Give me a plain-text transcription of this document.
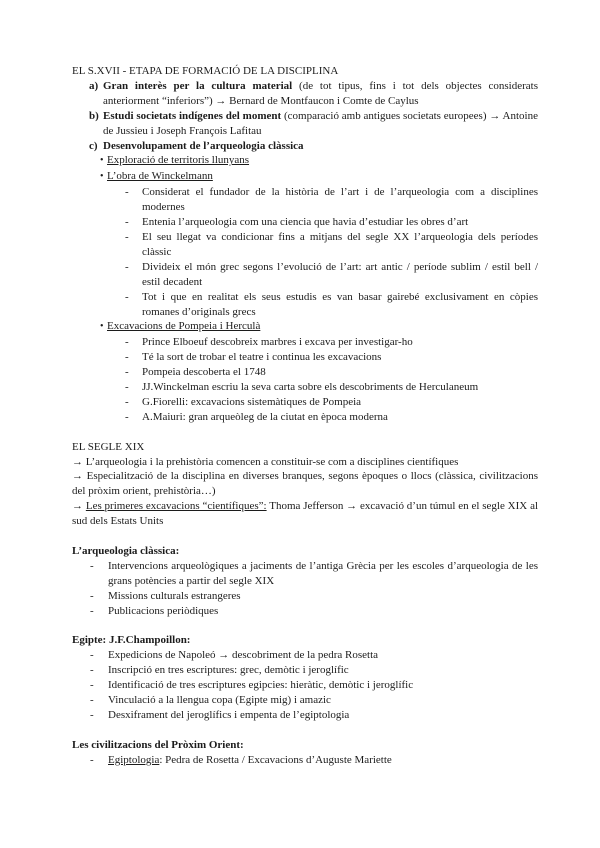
EL S.XVII - ETAPA DE FORMACIÓ DE LA DISCIPLINA
a) Gran interès per la cultura material (de tot tipus, fins i tot dels objectes considerats anteriorment “inferiors”) → Bernard de Montfaucon i Comte de Caylus
b) Estudi societats indígenes del moment (comparació amb antigues societats europees) → Antoine de Jussieu i Joseph François Lafitau
c) Desenvolupament de l’arqueologia clàssica
• Exploració de territoris llunyans
• L’obra de Winckelmann
-	Considerat el fundador de la història de l’art i de l’arqueologia com a disciplines modernes
-	Entenia l’arqueologia com una ciencia que havia d’estudiar les obres d’art
-	El seu llegat va condicionar fins a mitjans del segle XX l’arqueologia dels períodes clàssic
-	Divideix el món grec segons l’evolució de l’art: art antic / període sublim / estil bell / estil decadent
-	Tot i que en realitat els seus estudis es van basar gairebé exclusivament en còpies romanes d’originals grecs
• Excavacions de Pompeia i Herculà
-	Prince Elboeuf descobreix marbres i excava per investigar-ho
-	Té la sort de trobar el teatre i continua les excavacions
-	Pompeia descoberta el 1748
-	JJ.Winckelman escriu la seva carta sobre els descobriments de Herculaneum
-	G.Fiorelli: excavacions sistemàtiques de Pompeia
-	A.Maiuri: gran arqueòleg de la ciutat en època moderna
EL SEGLE XIX
→ L’arqueologia i la prehistòria comencen a constituir-se com a disciplines científiques
→ Especialització de la disciplina en diverses branques, segons èpoques o llocs (clàssica, civilitzacions del pròxim orient, prehistòria…)
→ Les primeres excavacions “científiques”: Thoma Jefferson → excavació d’un túmul en el segle XIX al sud dels Estats Units
L’arqueologia clàssica:
-	Intervencions arqueològiques a jaciments de l’antiga Grècia per les escoles d’arqueologia de les grans potències a partir del segle XIX
-	Missions culturals estrangeres
-	Publicacions periòdiques
Egipte: J.F.Champoillon:
-	Expedicions de Napoleó → descobriment de la pedra Rosetta
-	Inscripció en tres escriptures: grec, demòtic i jeroglífic
-	Identificació de tres escriptures egipcies: hieràtic, demòtic i jeroglífic
-	Vinculació a la llengua copa (Egipte mig) i amazic
-	Desxiframent del jeroglífics i empenta de l’egiptologia
Les civilitzacions del Pròxim Orient:
-	Egiptologia: Pedra de Rosetta / Excavacions d’Auguste Mariette
